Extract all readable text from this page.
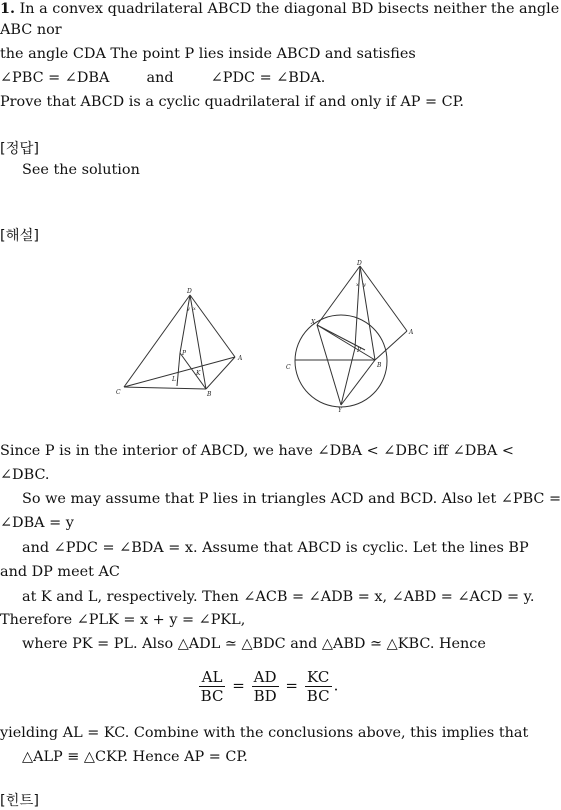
1. In a convex quadrilateral ABCD the diagonal BD bisects neither the angle
ABC nor
the angle CDA The point P lies inside ABCD and satisfies
∠PBC = ∠DBA	and	∠PDC = ∠BDA.
Prove that ABCD is a cyclic quadrilateral if and only if AP = CP.
[정답]
See the solution
[해설]
D
A
P
K
L
C	B
y x
D
A
X
P
B
C
Y
x y
Since P is in the interior of ABCD, we have ∠DBA < ∠DBC iff ∠DBA <
∠DBC.
So we may assume that P lies in triangles ACD and BCD. Also let ∠PBC =
∠DBA = y
and ∠PDC = ∠BDA = x. Assume that ABCD is cyclic. Let the lines BP
and DP meet AC
at K and L, respectively. Then ∠ACB = ∠ADB = x, ∠ABD = ∠ACD = y.
Therefore ∠PLK = x + y = ∠PKL,
where PK = PL. Also △ADL ≃ △BDC and △ABD ≃ △KBC. Hence
$\frac{AL}{BC} = \frac{AD}{BD} = \frac{KC}{BC}$ .
yielding AL = KC. Combine with the conclusions above, this implies that
△ALP ≡ △CKP. Hence AP = CP.
[힌트]
